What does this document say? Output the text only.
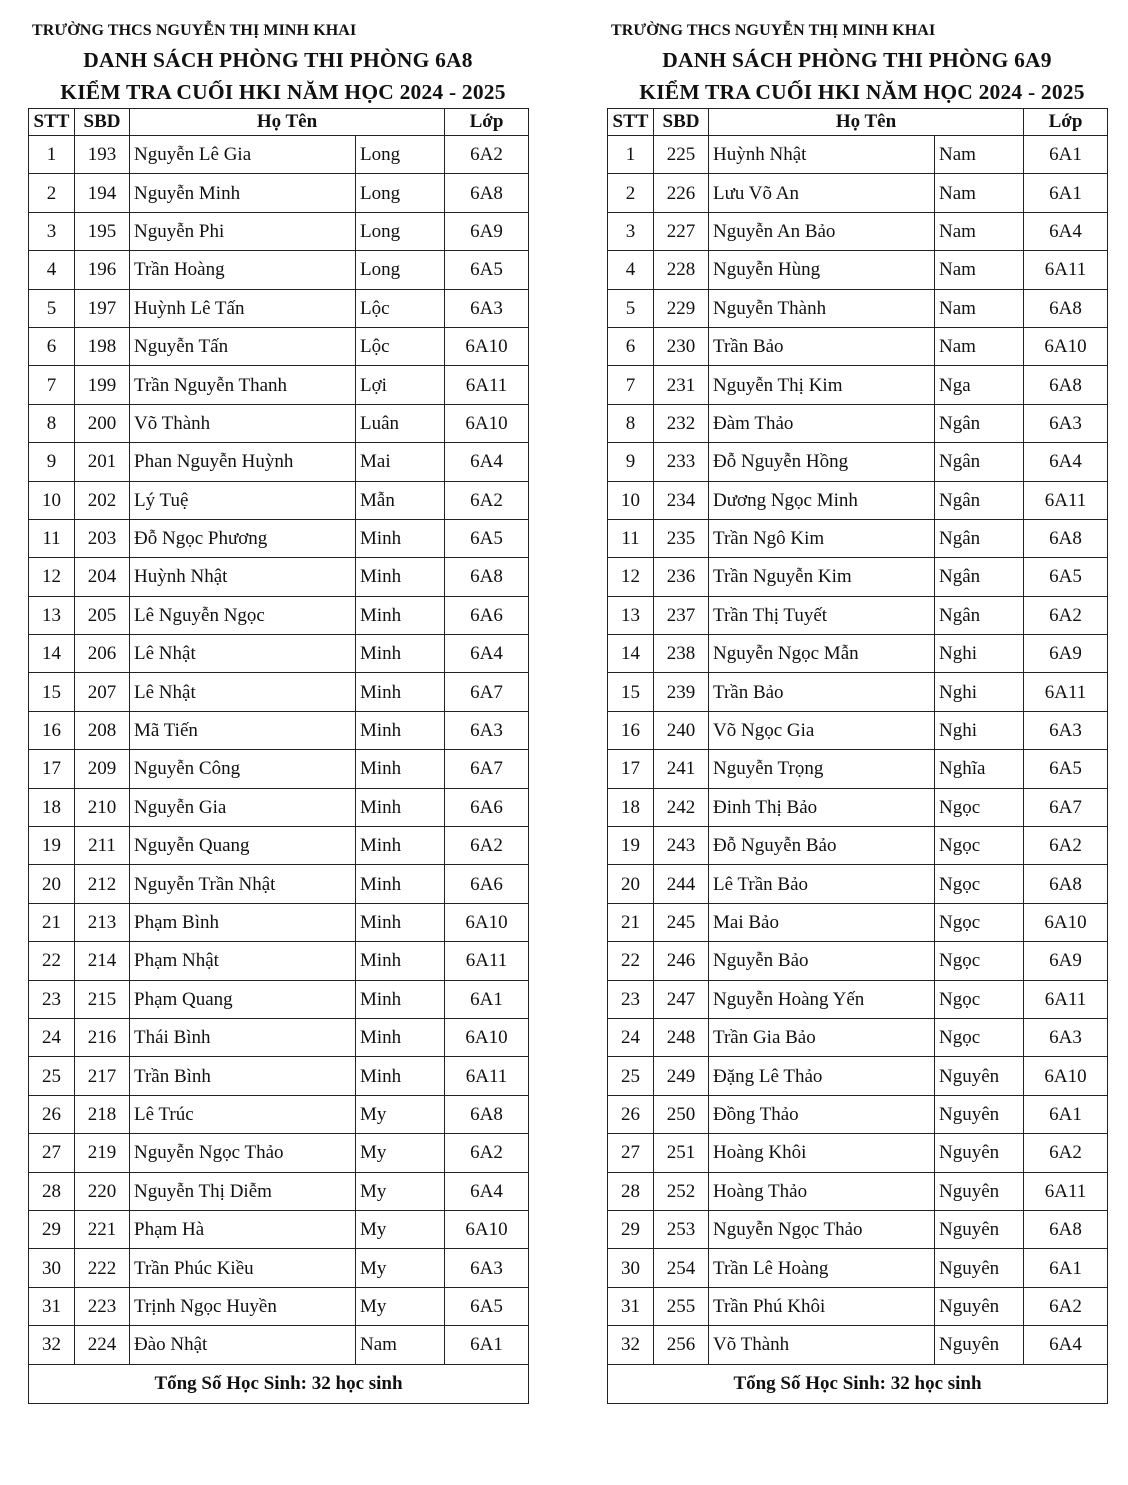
TRƯỜNG THCS NGUYỄN THỊ MINH KHAI
DANH SÁCH PHÒNG THI PHÒNG 6A8
KIỂM TRA CUỐI HKI NĂM HỌC 2024 - 2025
STT	SBD	Họ Tên		Lớp
1	193	Nguyễn Lê Gia	Long	6A2
2	194	Nguyễn Minh	Long	6A8
3	195	Nguyễn Phi	Long	6A9
4	196	Trần Hoàng	Long	6A5
5	197	Huỳnh Lê Tấn	Lộc	6A3
6	198	Nguyễn Tấn	Lộc	6A10
7	199	Trần Nguyễn Thanh	Lợi	6A11
8	200	Võ Thành	Luân	6A10
9	201	Phan Nguyễn Huỳnh	Mai	6A4
10	202	Lý Tuệ	Mẫn	6A2
11	203	Đỗ Ngọc Phương	Minh	6A5
12	204	Huỳnh Nhật	Minh	6A8
13	205	Lê Nguyễn Ngọc	Minh	6A6
14	206	Lê Nhật	Minh	6A4
15	207	Lê Nhật	Minh	6A7
16	208	Mã Tiến	Minh	6A3
17	209	Nguyễn Công	Minh	6A7
18	210	Nguyễn Gia	Minh	6A6
19	211	Nguyễn Quang	Minh	6A2
20	212	Nguyễn Trần Nhật	Minh	6A6
21	213	Phạm Bình	Minh	6A10
22	214	Phạm Nhật	Minh	6A11
23	215	Phạm Quang	Minh	6A1
24	216	Thái Bình	Minh	6A10
25	217	Trần Bình	Minh	6A11
26	218	Lê Trúc	My	6A8
27	219	Nguyễn Ngọc Thảo	My	6A2
28	220	Nguyễn Thị Diễm	My	6A4
29	221	Phạm Hà	My	6A10
30	222	Trần Phúc Kiều	My	6A3
31	223	Trịnh Ngọc Huyền	My	6A5
32	224	Đào Nhật	Nam	6A1
Tổng Số Học Sinh: 32 học sinh				
TRƯỜNG THCS NGUYỄN THỊ MINH KHAI
DANH SÁCH PHÒNG THI PHÒNG 6A9
KIỂM TRA CUỐI HKI NĂM HỌC 2024 - 2025
STT	SBD	Họ Tên		Lớp
1	225	Huỳnh Nhật	Nam	6A1
2	226	Lưu Võ An	Nam	6A1
3	227	Nguyễn An Bảo	Nam	6A4
4	228	Nguyễn Hùng	Nam	6A11
5	229	Nguyễn Thành	Nam	6A8
6	230	Trần Bảo	Nam	6A10
7	231	Nguyễn Thị Kim	Nga	6A8
8	232	Đàm Thảo	Ngân	6A3
9	233	Đỗ Nguyễn Hồng	Ngân	6A4
10	234	Dương Ngọc Minh	Ngân	6A11
11	235	Trần Ngô Kim	Ngân	6A8
12	236	Trần Nguyễn Kim	Ngân	6A5
13	237	Trần Thị Tuyết	Ngân	6A2
14	238	Nguyễn Ngọc Mẫn	Nghi	6A9
15	239	Trần Bảo	Nghi	6A11
16	240	Võ Ngọc Gia	Nghi	6A3
17	241	Nguyễn Trọng	Nghĩa	6A5
18	242	Đinh Thị Bảo	Ngọc	6A7
19	243	Đỗ Nguyễn Bảo	Ngọc	6A2
20	244	Lê Trần Bảo	Ngọc	6A8
21	245	Mai Bảo	Ngọc	6A10
22	246	Nguyễn Bảo	Ngọc	6A9
23	247	Nguyễn Hoàng Yến	Ngọc	6A11
24	248	Trần Gia Bảo	Ngọc	6A3
25	249	Đặng Lê Thảo	Nguyên	6A10
26	250	Đồng Thảo	Nguyên	6A1
27	251	Hoàng Khôi	Nguyên	6A2
28	252	Hoàng Thảo	Nguyên	6A11
29	253	Nguyễn Ngọc Thảo	Nguyên	6A8
30	254	Trần Lê Hoàng	Nguyên	6A1
31	255	Trần Phú Khôi	Nguyên	6A2
32	256	Võ Thành	Nguyên	6A4
Tổng Số Học Sinh: 32 học sinh				
